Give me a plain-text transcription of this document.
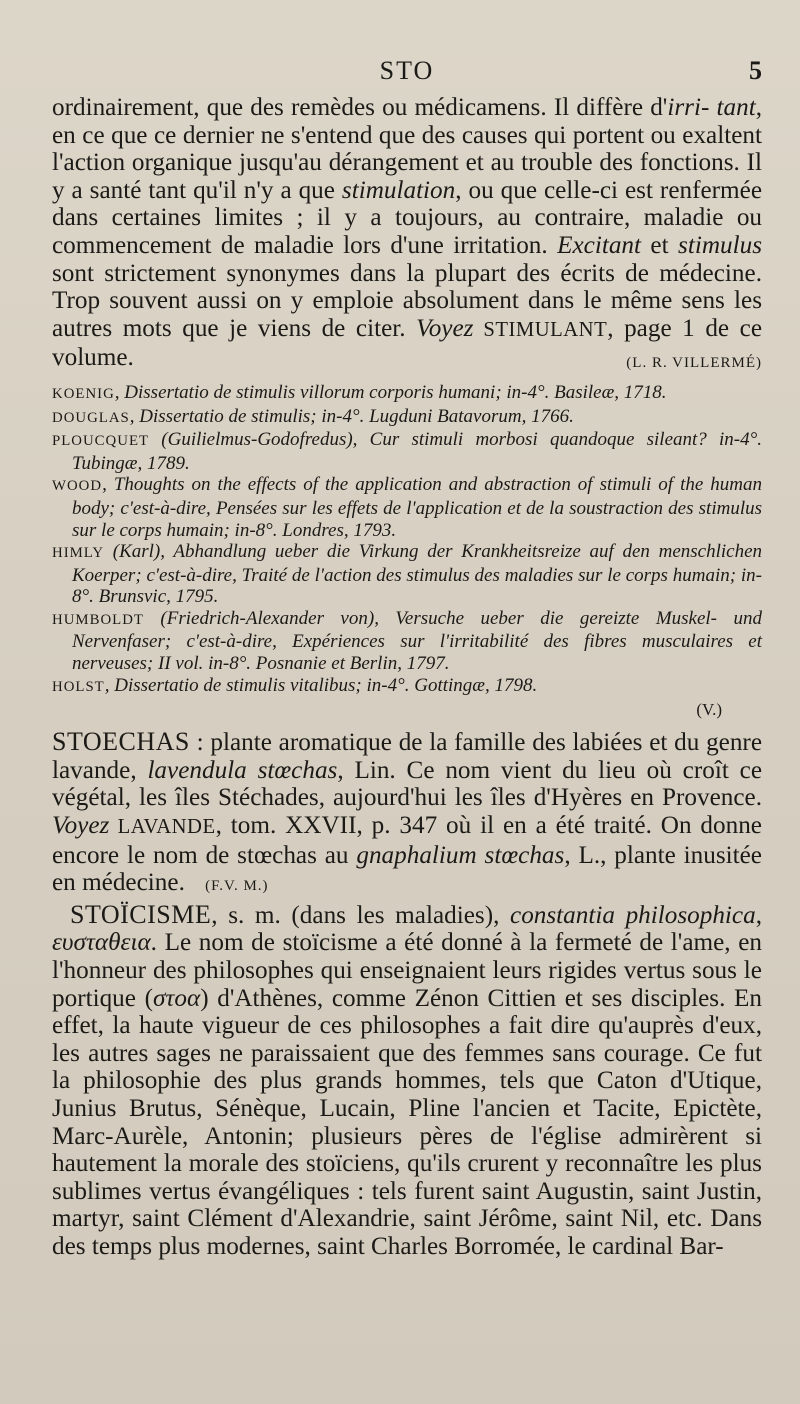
STO	5

ordinairement, que des remèdes ou médicamens. Il diffère d'irri- tant, en ce que ce dernier ne s'entend que des causes qui portent ou exaltent l'action organique jusqu'au dérangement et au trouble des fonctions. Il y a santé tant qu'il n'y a que stimulation, ou que celle-ci est renfermée dans certaines limites ; il y a toujours, au contraire, maladie ou commencement de maladie lors d'une irritation. Excitant et stimulus sont strictement synonymes dans la plupart des écrits de médecine. Trop souvent aussi on y emploie absolument dans le même sens les autres mots que je viens de citer. Voyez STIMULANT, page 1 de ce volume.	(L. R. VILLERMÉ)

KOENIG, Dissertatio de stimulis villorum corporis humani; in-4°. Basileæ, 1718.
DOUGLAS, Dissertatio de stimulis; in-4°. Lugduni Batavorum, 1766.
PLOUCQUET (Guilielmus-Godofredus), Cur stimuli morbosi quandoque sileant? in-4°. Tubingæ, 1789.
WOOD, Thoughts on the effects of the application and abstraction of stimuli of the human body; c'est-à-dire, Pensées sur les effets de l'application et de la soustraction des stimulus sur le corps humain; in-8°. Londres, 1793.
HIMLY (Karl), Abhandlung ueber die Virkung der Krankheitsreize auf den menschlichen Koerper; c'est-à-dire, Traité de l'action des stimulus des maladies sur le corps humain; in-8°. Brunsvic, 1795.
HUMBOLDT (Friedrich-Alexander von), Versuche ueber die gereizte Muskel- und Nervenfaser; c'est-à-dire, Expériences sur l'irritabilité des fibres musculaires et nerveuses; II vol. in-8°. Posnanie et Berlin, 1797.
HOLST, Dissertatio de stimulis vitalibus; in-4°. Gottingæ, 1798.
(V.)

STOECHAS : plante aromatique de la famille des labiées et du genre lavande, lavendula stœchas, Lin. Ce nom vient du lieu où croît ce végétal, les îles Stéchades, aujourd'hui les îles d'Hyères en Provence. Voyez LAVANDE, tom. XXVII, p. 347 où il en a été traité. On donne encore le nom de stœchas au gnaphalium stœchas, L., plante inusitée en médecine. (F.V. M.)

STOÏCISME, s. m. (dans les maladies), constantia philosophica, ευσταθεια. Le nom de stoïcisme a été donné à la fermeté de l'ame, en l'honneur des philosophes qui enseignaient leurs rigides vertus sous le portique (στοα) d'Athènes, comme Zénon Cittien et ses disciples. En effet, la haute vigueur de ces philosophes a fait dire qu'auprès d'eux, les autres sages ne paraissaient que des femmes sans courage. Ce fut la philosophie des plus grands hommes, tels que Caton d'Utique, Junius Brutus, Sénèque, Lucain, Pline l'ancien et Tacite, Epictète, Marc-Aurèle, Antonin; plusieurs pères de l'église admirèrent si hautement la morale des stoïciens, qu'ils crurent y reconnaître les plus sublimes vertus évangéliques : tels furent saint Augustin, saint Justin, martyr, saint Clément d'Alexandrie, saint Jérôme, saint Nil, etc. Dans des temps plus modernes, saint Charles Borromée, le cardinal Bar-
